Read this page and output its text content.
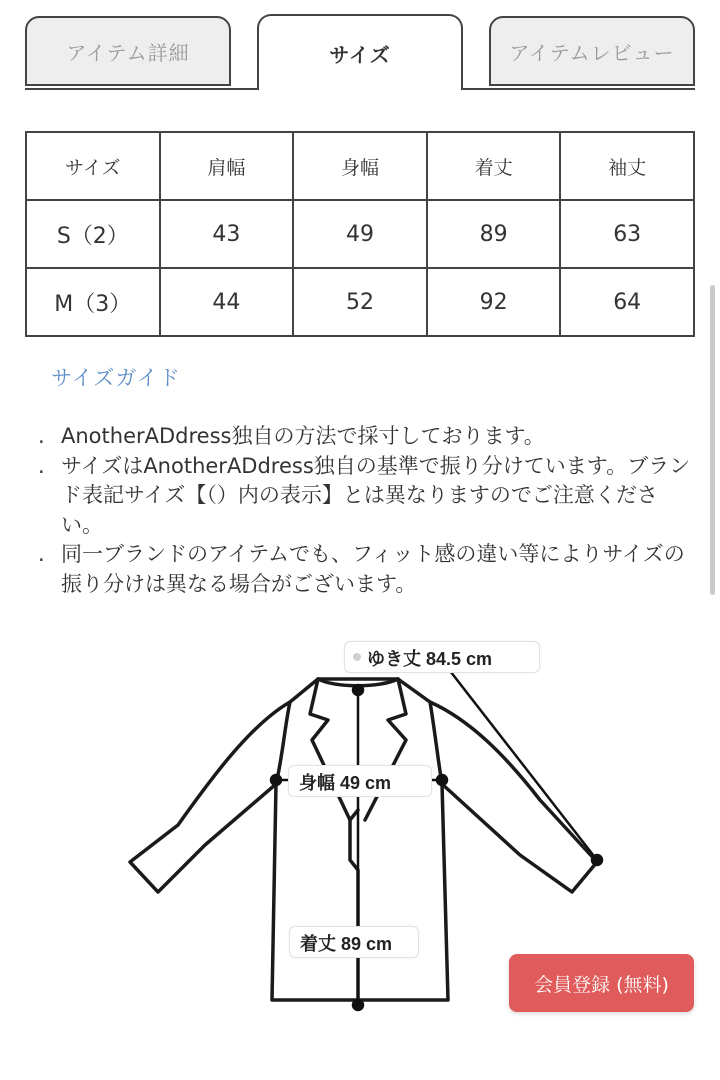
アイテム詳細	サイズ	アイテムレビュー
サイズ	肩幅	身幅	着丈	袖丈
S（2）	43	49	89	63
M（3）	44	52	92	64
サイズガイド
. AnotherADdress独自の方法で採寸しております。
. サイズはAnotherADdress独自の基準で振り分けています。ブランド表記サイズ【（）内の表示】とは異なりますのでご注意ください。
. 同一ブランドのアイテムでも、フィット感の違い等によりサイズの振り分けは異なる場合がございます。
ゆき丈 84.5 cm
身幅 49 cm
着丈 89 cm
会員登録 (無料)
